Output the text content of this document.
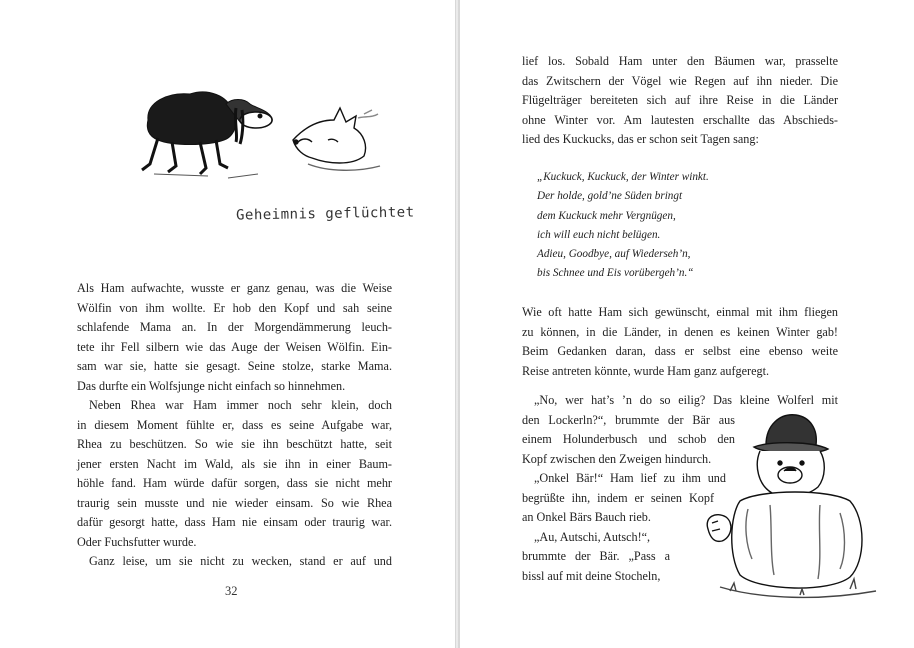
Geheimnis geflüchtet
Als Ham aufwachte, wusste er ganz genau, was die Weise
Wölfin von ihm wollte. Er hob den Kopf und sah seine
schlafende Mama an. In der Morgendämmerung leuch-
tete ihr Fell silbern wie das Auge der Weisen Wölfin. Ein-
sam war sie, hatte sie gesagt. Seine stolze, starke Mama.
Das durfte ein Wolfsjunge nicht einfach so hinnehmen.
Neben Rhea war Ham immer noch sehr klein, doch
in diesem Moment fühlte er, dass es seine Aufgabe war,
Rhea zu beschützen. So wie sie ihn beschützt hatte, seit
jener ersten Nacht im Wald, als sie ihn in einer Baum-
höhle fand. Ham würde dafür sorgen, dass sie nicht mehr
traurig sein musste und nie wieder einsam. So wie Rhea
dafür gesorgt hatte, dass Ham nie einsam oder traurig war.
Oder Fuchsfutter wurde.
Ganz leise, um sie nicht zu wecken, stand er auf und
32
lief los. Sobald Ham unter den Bäumen war, prasselte
das Zwitschern der Vögel wie Regen auf ihn nieder. Die
Flügelträger bereiteten sich auf ihre Reise in die Länder
ohne Winter vor. Am lautesten erschallte das Abschieds-
lied des Kuckucks, das er schon seit Tagen sang:
„Kuckuck, Kuckuck, der Winter winkt.
Der holde, gold’ne Süden bringt
dem Kuckuck mehr Vergnügen,
ich will euch nicht belügen.
Adieu, Goodbye, auf Wiederseh’n,
bis Schnee und Eis vorübergeh’n.“
Wie oft hatte Ham sich gewünscht, einmal mit ihm fliegen
zu können, in die Länder, in denen es keinen Winter gab!
Beim Gedanken daran, dass er selbst eine ebenso weite
Reise antreten könnte, wurde Ham ganz aufgeregt.
„No, wer hat’s ’n do so eilig? Das kleine Wolferl mit
den Lockerln?“, brummte der Bär aus
einem Holunderbusch und schob den
Kopf zwischen den Zweigen hindurch.
„Onkel Bär!“ Ham lief zu ihm und
begrüßte ihn, indem er seinen Kopf
an Onkel Bärs Bauch rieb.
„Au, Autschi, Autsch!“,
brummte der Bär. „Pass a
bissl auf mit deine Stocheln,
